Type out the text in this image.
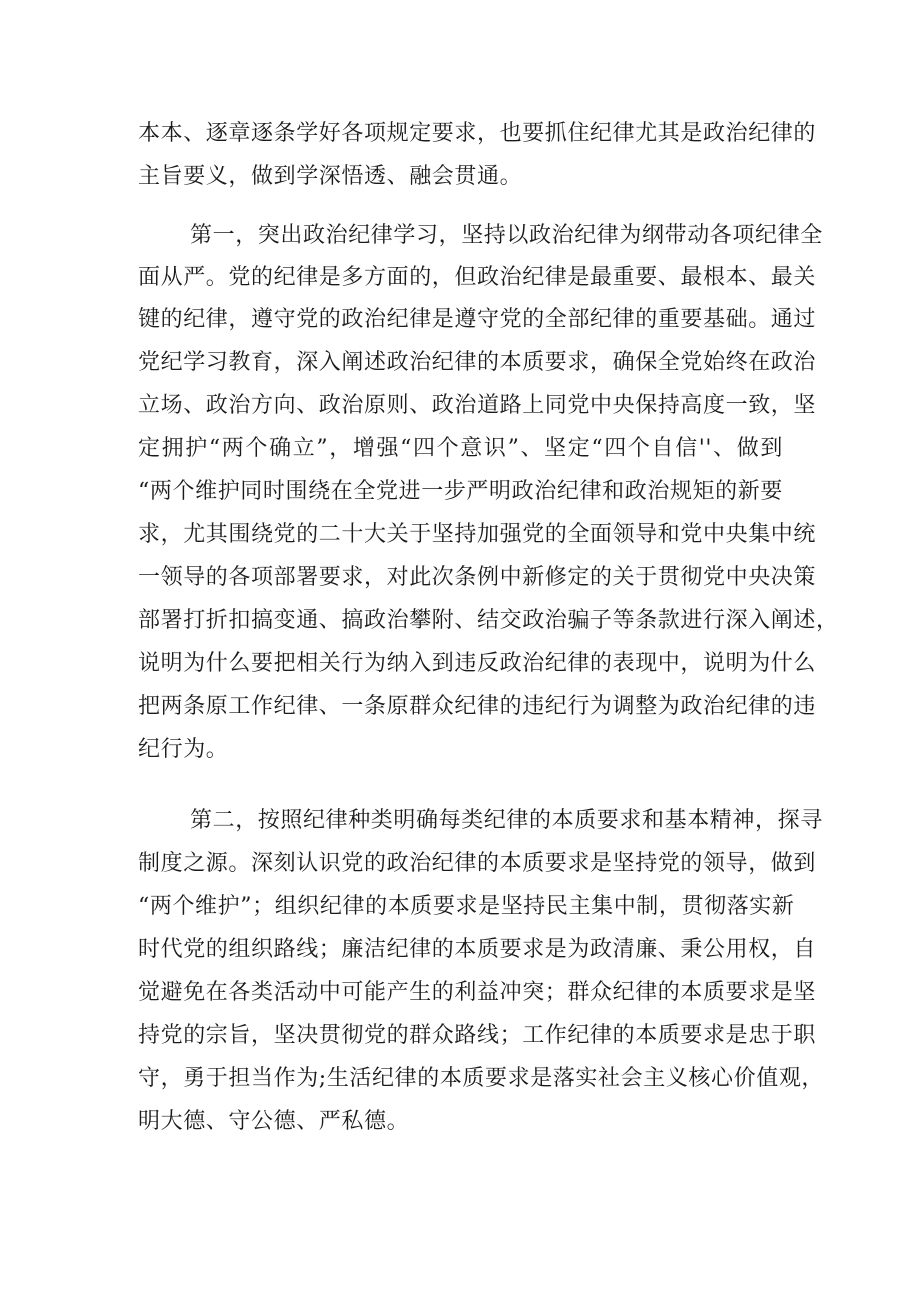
本本、逐章逐条学好各项规定要求，也要抓住纪律尤其是政治纪律的
主旨要义，做到学深悟透、融会贯通。
第一，突出政治纪律学习，坚持以政治纪律为纲带动各项纪律全
面从严。党的纪律是多方面的，但政治纪律是最重要、最根本、最关
键的纪律，遵守党的政治纪律是遵守党的全部纪律的重要基础。通过
党纪学习教育，深入阐述政治纪律的本质要求，确保全党始终在政治
立场、政治方向、政治原则、政治道路上同党中央保持高度一致，坚
定拥护“两个确立”，增强“四个意识”、坚定“四个自信''、做到
“两个维护同时围绕在全党进一步严明政治纪律和政治规矩的新要
求，尤其围绕党的二十大关于坚持加强党的全面领导和党中央集中统
一领导的各项部署要求，对此次条例中新修定的关于贯彻党中央决策
部署打折扣搞变通、搞政治攀附、结交政治骗子等条款进行深入阐述，
说明为什么要把相关行为纳入到违反政治纪律的表现中，说明为什么
把两条原工作纪律、一条原群众纪律的违纪行为调整为政治纪律的违
纪行为。
第二，按照纪律种类明确每类纪律的本质要求和基本精神，探寻
制度之源。深刻认识党的政治纪律的本质要求是坚持党的领导，做到
“两个维护”；组织纪律的本质要求是坚持民主集中制，贯彻落实新
时代党的组织路线；廉洁纪律的本质要求是为政清廉、秉公用权，自
觉避免在各类活动中可能产生的利益冲突；群众纪律的本质要求是坚
持党的宗旨，坚决贯彻党的群众路线；工作纪律的本质要求是忠于职
守，勇于担当作为;生活纪律的本质要求是落实社会主义核心价值观，
明大德、守公德、严私德。
